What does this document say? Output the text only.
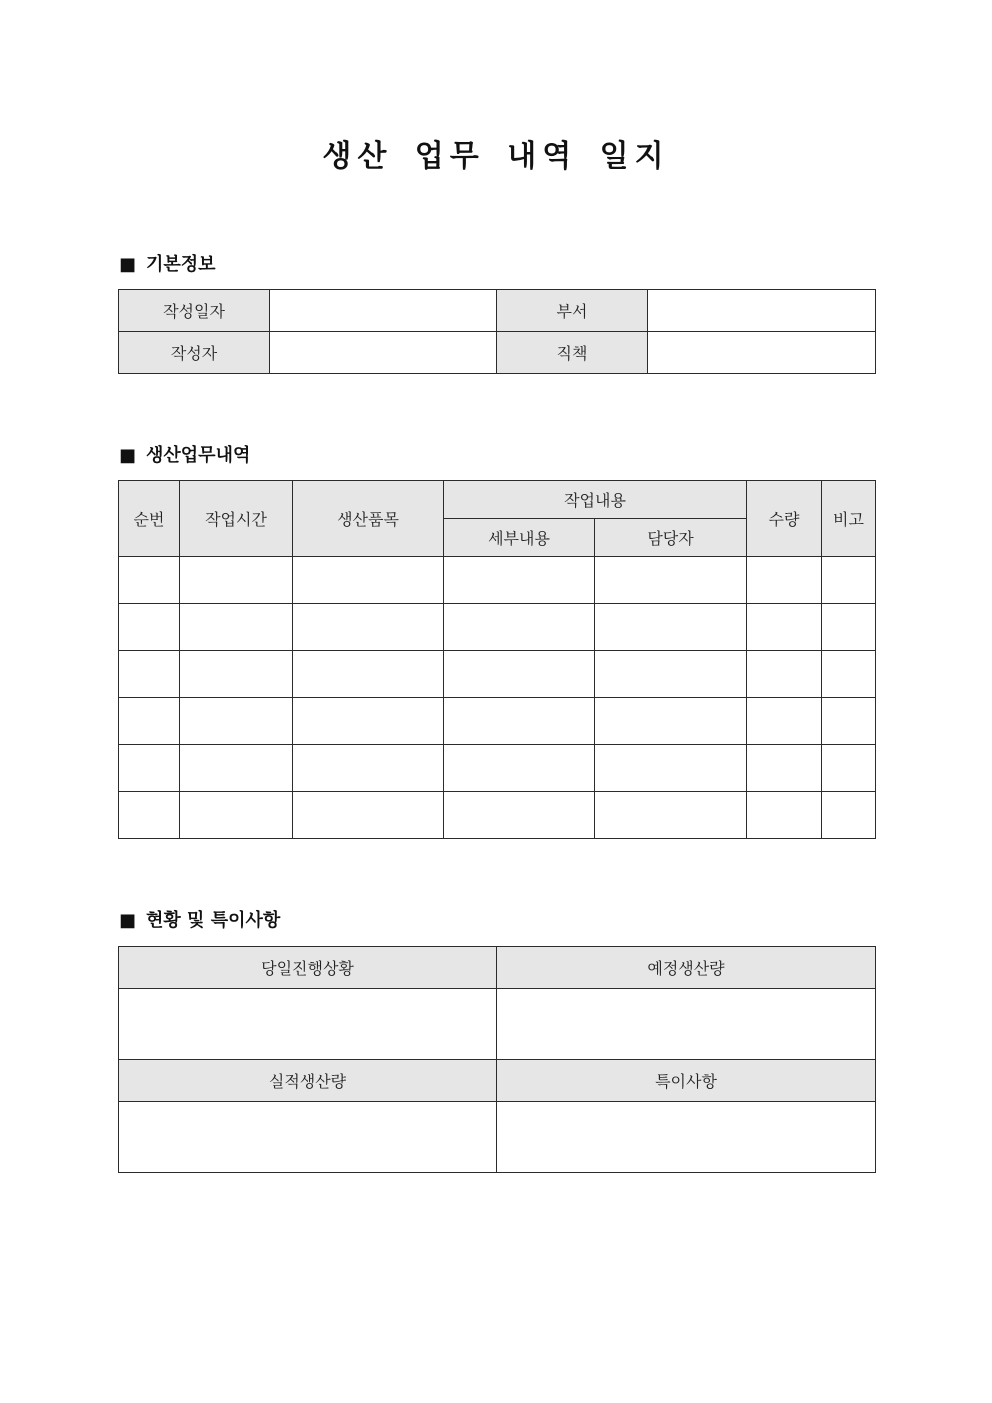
생산 업무 내역 일지
■ 기본정보
작성일자		부서	
작성자		직책	
■ 생산업무내역
순번	작업시간	생산품목	작업내용		수량	비고
			세부내용	담당자		

■ 현황 및 특이사항
당일진행상황	예정생산량

실적생산량	특이사항
